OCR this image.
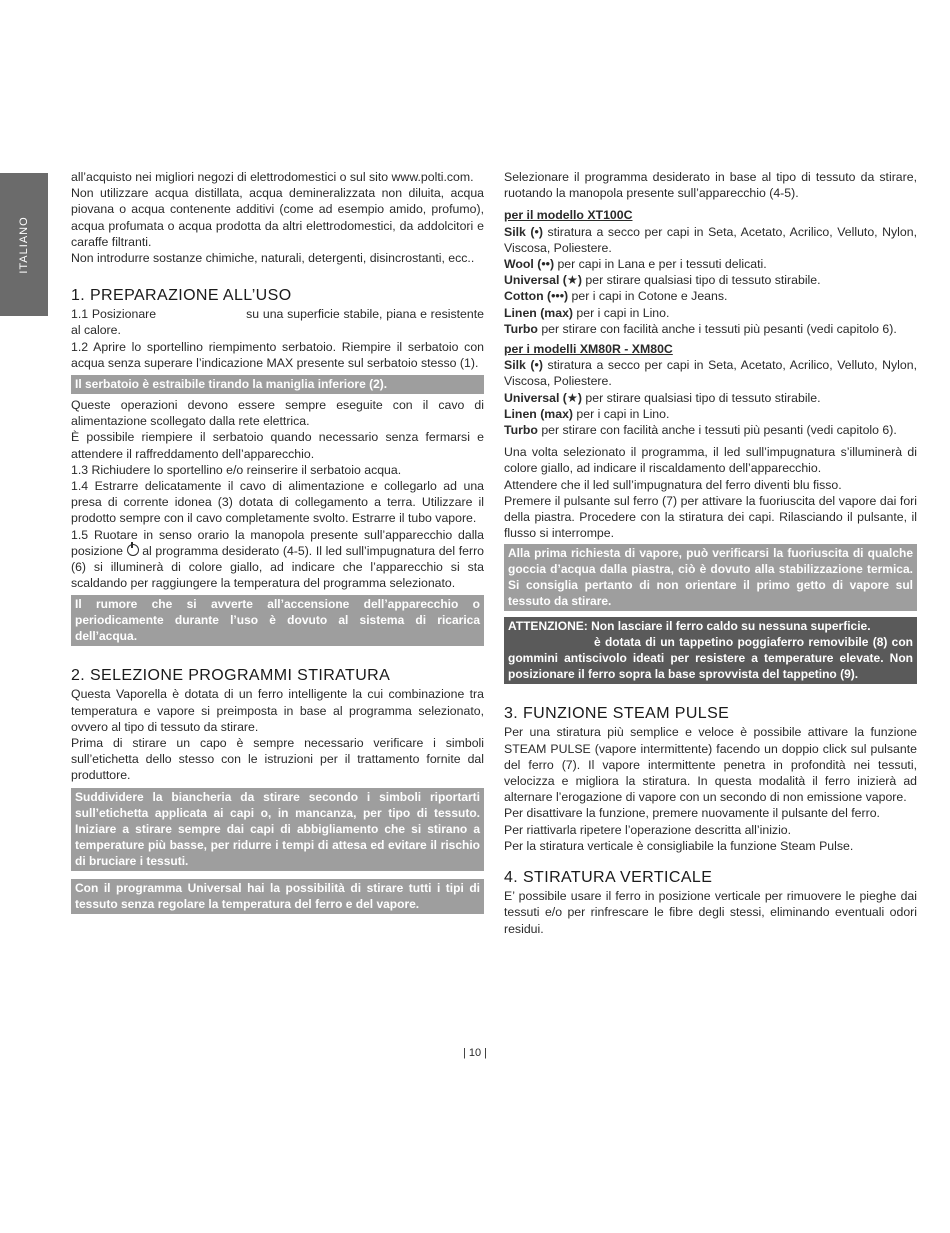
ITALIANO

all’acquisto nei migliori negozi di elettrodomestici o sul sito www.polti.com.

Non utilizzare acqua distillata, acqua demineralizzata non diluita, acqua piovana o acqua contenente additivi (come ad esempio amido, profumo), acqua profumata o acqua prodotta da altri elettrodomestici, da addolcitori e caraffe filtranti.

Non introdurre sostanze chimiche, naturali, detergenti, disincrostanti, ecc..

1. PREPARAZIONE ALL’USO

1.1 Posizionare	su una superficie stabile, piana e resistente al calore.

1.2 Aprire lo sportellino riempimento serbatoio. Riempire il serbatoio con acqua senza superare l’indicazione MAX presente sul serbatoio stesso (1).

Il serbatoio è estraibile tirando la maniglia inferiore (2).

Queste operazioni devono essere sempre eseguite con il cavo di alimentazione scollegato dalla rete elettrica.

È possibile riempiere il serbatoio quando necessario senza fermarsi e attendere il raffreddamento dell’apparecchio.

1.3 Richiudere lo sportellino e/o reinserire il serbatoio acqua.

1.4 Estrarre delicatamente il cavo di alimentazione e collegarlo ad una presa di corrente idonea (3) dotata di collegamento a terra. Utilizzare il prodotto sempre con il cavo completamente svolto. Estrarre il tubo vapore.

1.5 Ruotare in senso orario la manopola presente sull’apparecchio dalla posizione al programma desiderato (4-5). Il led sull’impugnatura del ferro (6) si illuminerà di colore giallo, ad indicare che l’apparecchio si sta scaldando per raggiungere la temperatura del programma selezionato.

Il rumore che si avverte all’accensione dell’apparecchio o periodicamente durante l’uso è dovuto al sistema di ricarica dell’acqua.
2. SELEZIONE PROGRAMMI STIRATURA

Questa Vaporella è dotata di un ferro intelligente la cui combinazione tra temperatura e vapore si preimposta in base al programma selezionato, ovvero al tipo di tessuto da stirare.

Prima di stirare un capo è sempre necessario verificare i simboli sull’etichetta dello stesso con le istruzioni per il trattamento fornite dal produttore.

Suddividere la biancheria da stirare secondo i simboli riportarti sull’etichetta applicata ai capi o, in mancanza, per tipo di tessuto. Iniziare a stirare sempre dai capi di abbigliamento che si stirano a temperature più basse, per ridurre i tempi di attesa ed evitare il rischio di bruciare i tessuti.
Con il programma Universal hai la possibilità di stirare tutti i tipi di tessuto senza regolare la temperatura del ferro e del vapore.

Selezionare il programma desiderato in base al tipo di tessuto da stirare, ruotando la manopola presente sull’apparecchio (4-5).

per il modello XT100C

Silk (•) stiratura a secco per capi in Seta, Acetato, Acrilico, Velluto, Nylon, Viscosa, Poliestere.

Wool (••) per capi in Lana e per i tessuti delicati.

Universal (★) per stirare qualsiasi tipo di tessuto stirabile.

Cotton (•••) per i capi in Cotone e Jeans.

Linen (max) per i capi in Lino.

Turbo per stirare con facilità anche i tessuti più pesanti (vedi capitolo 6).

per i modelli XM80R - XM80C

Silk (•) stiratura a secco per capi in Seta, Acetato, Acrilico, Velluto, Nylon, Viscosa, Poliestere.

Universal (★) per stirare qualsiasi tipo di tessuto stirabile.

Linen (max) per i capi in Lino.

Turbo per stirare con facilità anche i tessuti più pesanti (vedi capitolo 6).

Una volta selezionato il programma, il led sull’impugnatura s’illuminerà di colore giallo, ad indicare il riscaldamento dell’apparecchio.

Attendere che il led sull’impugnatura del ferro diventi blu fisso.

Premere il pulsante sul ferro (7) per attivare la fuoriuscita del vapore dai fori della piastra. Procedere con la stiratura dei capi. Rilasciando il pulsante, il flusso si interrompe.

Alla prima richiesta di vapore, può verificarsi la fuoriuscita di qualche goccia d’acqua dalla piastra, ciò è dovuto alla stabilizzazione termica. Si consiglia pertanto di non orientare il primo getto di vapore sul tessuto da stirare.
ATTENZIONE: Non lasciare il ferro caldo su nessuna superficie.
è dotata di un tappetino poggiaferro removibile (8) con gommini antiscivolo ideati per resistere a temperature elevate. Non posizionare il ferro sopra la base sprovvista del tappetino (9).
3. FUNZIONE STEAM PULSE

Per una stiratura più semplice e veloce è possibile attivare la funzione STEAM PULSE (vapore intermittente) facendo un doppio click sul pulsante del ferro (7). Il vapore intermittente penetra in profondità nei tessuti, velocizza e migliora la stiratura. In questa modalità il ferro inizierà ad alternare l’erogazione di vapore con un secondo di non emissione vapore.

Per disattivare la funzione, premere nuovamente il pulsante del ferro.

Per riattivarla ripetere l’operazione descritta all’inizio.

Per la stiratura verticale è consigliabile la funzione Steam Pulse.

4. STIRATURA VERTICALE

E’ possibile usare il ferro in posizione verticale per rimuovere le pieghe dai tessuti e/o per rinfrescare le fibre degli stessi, eliminando eventuali odori residui.

| 10 |
